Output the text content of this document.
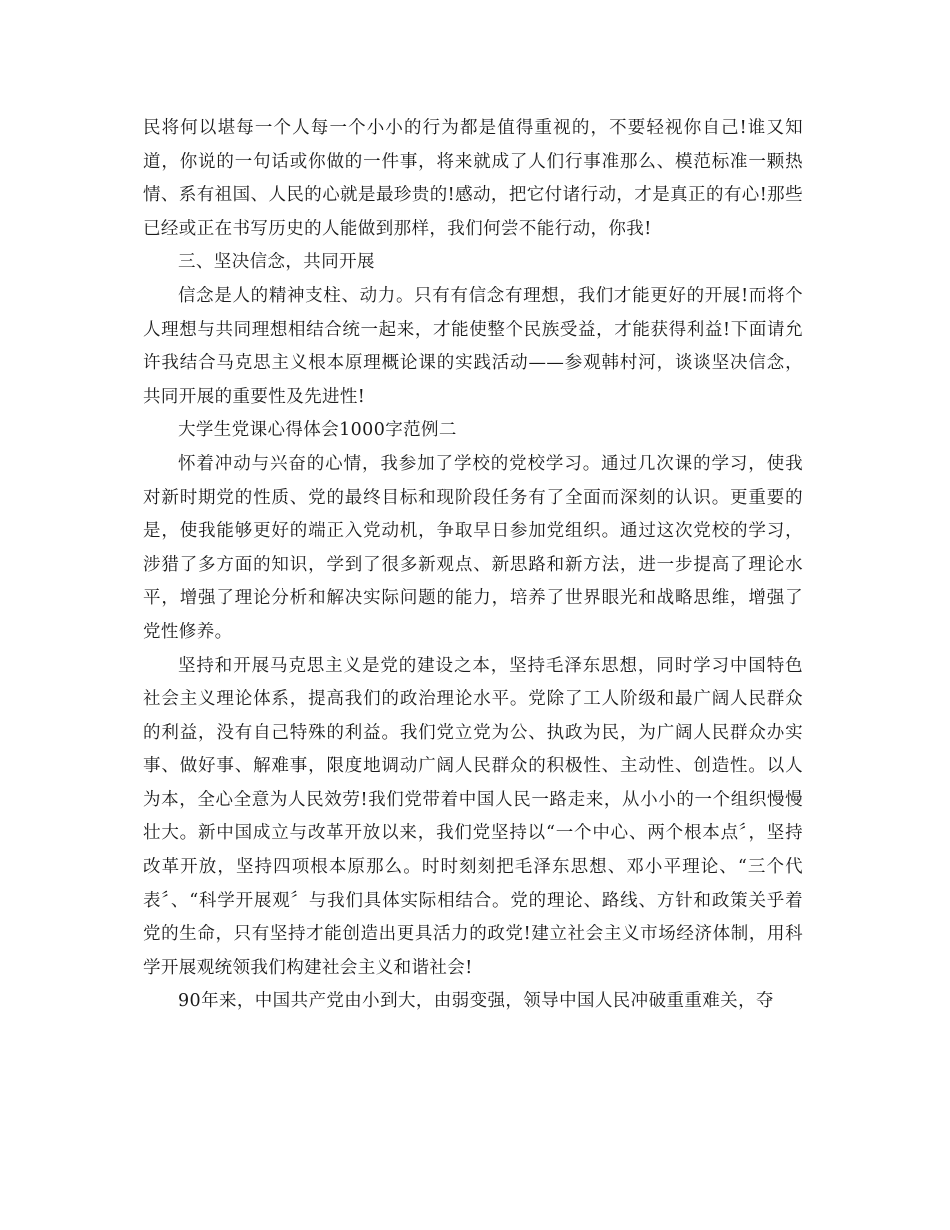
民将何以堪每一个人每一个小小的行为都是值得重视的，不要轻视你自己!谁又知道，你说的一句话或你做的一件事，将来就成了人们行事准那么、模范标准一颗热情、系有祖国、人民的心就是最珍贵的!感动，把它付诸行动，才是真正的有心!那些已经或正在书写历史的人能做到那样，我们何尝不能行动，你我!

三、坚决信念，共同开展

信念是人的精神支柱、动力。只有有信念有理想，我们才能更好的开展!而将个人理想与共同理想相结合统一起来，才能使整个民族受益，才能获得利益!下面请允许我结合马克思主义根本原理概论课的实践活动——参观韩村河，谈谈坚决信念，共同开展的重要性及先进性!

大学生党课心得体会1000字范例二

怀着冲动与兴奋的心情，我参加了学校的党校学习。通过几次课的学习，使我对新时期党的性质、党的最终目标和现阶段任务有了全面而深刻的认识。更重要的是，使我能够更好的端正入党动机，争取早日参加党组织。通过这次党校的学习，涉猎了多方面的知识，学到了很多新观点、新思路和新方法，进一步提高了理论水平，增强了理论分析和解决实际问题的能力，培养了世界眼光和战略思维，增强了党性修养。

坚持和开展马克思主义是党的建设之本，坚持毛泽东思想，同时学习中国特色社会主义理论体系，提高我们的政治理论水平。党除了工人阶级和最广阔人民群众的利益，没有自己特殊的利益。我们党立党为公、执政为民，为广阔人民群众办实事、做好事、解难事，限度地调动广阔人民群众的积极性、主动性、创造性。以人为本，全心全意为人民效劳!我们党带着中国人民一路走来，从小小的一个组织慢慢壮大。新中国成立与改革开放以来，我们党坚持以“一个中心、两个根本点〞，坚持改革开放，坚持四项根本原那么。时时刻刻把毛泽东思想、邓小平理论、“三个代表〞、“科学开展观〞与我们具体实际相结合。党的理论、路线、方针和政策关乎着党的生命，只有坚持才能创造出更具活力的政党!建立社会主义市场经济体制，用科学开展观统领我们构建社会主义和谐社会!

90年来，中国共产党由小到大，由弱变强，领导中国人民冲破重重难关，夺
